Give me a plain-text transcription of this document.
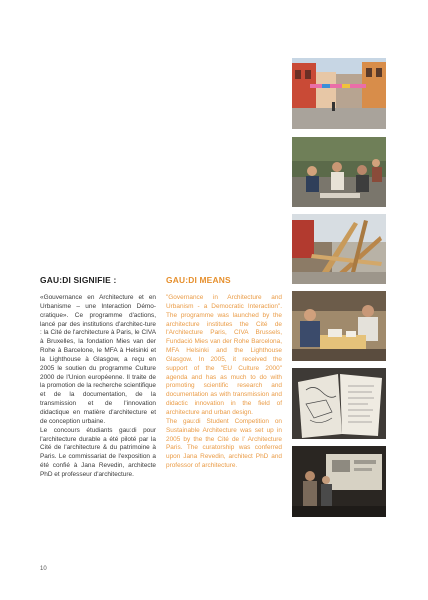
GAU:DI SIGNIFIE :

«Gouvernance en Architecture et en Urbanisme – une Interaction Démo-cratique». Ce programme d'actions, lancé par des institutions d'architec-ture : la Cité de l'architecture à Paris, le CIVA à Bruxelles, la fondation Mies van der Rohe à Barcelone, le MFA à Helsinki et la Lighthouse à Glasgow, a reçu en 2005 le soutien du programme Culture 2000 de l'Union européenne. Il traite de la promotion de la recherche scientifique et de la documentation, de la transmission et de l'innovation didactique en matière d'architecture et de conception urbaine.

Le concours étudiants gau:di pour l'architecture durable a été piloté par la Cité de l'architecture & du patrimoine à Paris. Le commissariat de l'exposition a été confié à Jana Revedin, architecte PhD et professeur d'architecture.

GAU:DI MEANS

"Governance in Architecture and Urbanism - a Democratic Interaction". The programme was launched by the architecture institutes the Cité de l'Architecture Paris, CIVA Brussels, Fundació Mies van der Rohe Barcelona, MFA Helsinki and the Lighthouse Glasgow. In 2005, it received the support of the "EU Culture 2000" agenda and has as much to do with promoting scientific research and documentation as with transmission and didactic innovation in the field of architecture and urban design.

The gau:di Student Competition on Sustainable Architecture was set up in 2005 by the the Cité de l' Architecture Paris. The curatorship was conferred upon Jana Revedin, architect PhD and professor of architecture.

10
